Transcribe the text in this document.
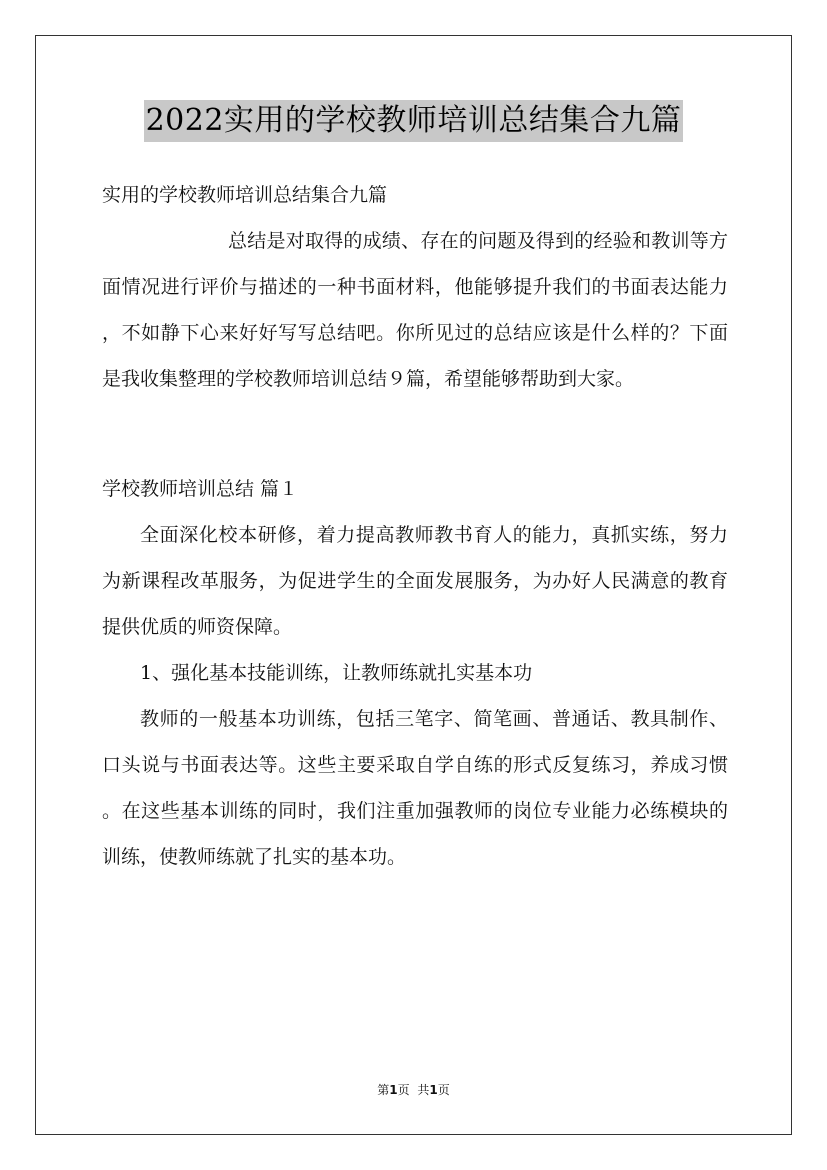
2022实用的学校教师培训总结集合九篇

实用的学校教师培训总结集合九篇

总结是对取得的成绩、存在的问题及得到的经验和教训等方面情况进行评价与描述的一种书面材料，他能够提升我们的书面表达能力，不如静下心来好好写写总结吧。你所见过的总结应该是什么样的？下面是我收集整理的学校教师培训总结９篇，希望能够帮助到大家。

学校教师培训总结 篇１

全面深化校本研修，着力提高教师教书育人的能力，真抓实练，努力为新课程改革服务，为促进学生的全面发展服务，为办好人民满意的教育提供优质的师资保障。

1、强化基本技能训练，让教师练就扎实基本功

教师的一般基本功训练，包括三笔字、简笔画、普通话、教具制作、口头说与书面表达等。这些主要采取自学自练的形式反复练习，养成习惯。在这些基本训练的同时，我们注重加强教师的岗位专业能力必练模块的训练，使教师练就了扎实的基本功。

第1页 共1页
